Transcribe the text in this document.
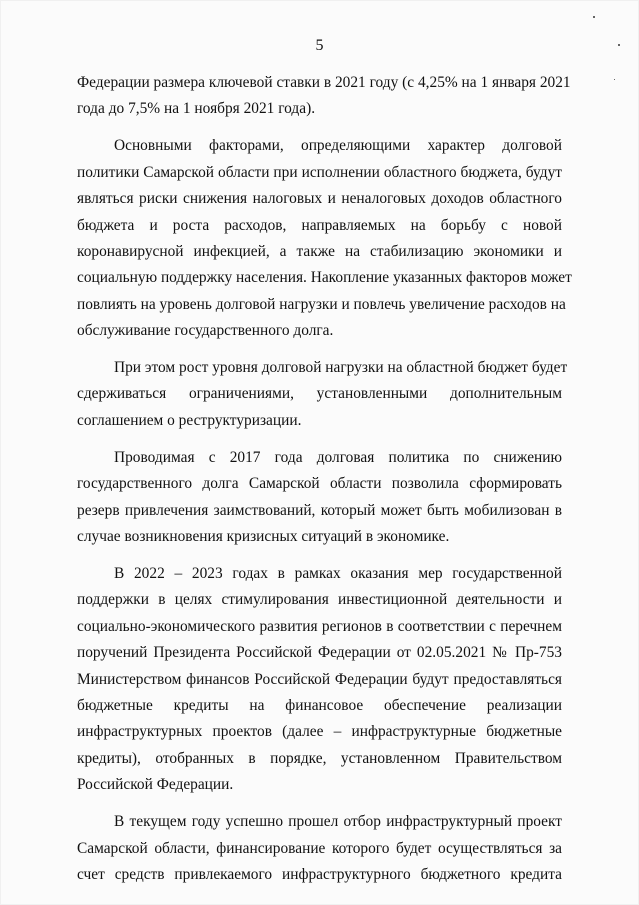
5
Федерации размера ключевой ставки в 2021 году (с 4,25% на 1 января 2021
года до 7,5% на 1 ноября 2021 года).
Основными факторами, определяющими характер долговой
политики Самарской области при исполнении областного бюджета, будут
являться риски снижения налоговых и неналоговых доходов областного
бюджета и роста расходов, направляемых на борьбу с новой
коронавирусной инфекцией, а также на стабилизацию экономики и
социальную поддержку населения. Накопление указанных факторов может
повлиять на уровень долговой нагрузки и повлечь увеличение расходов на
обслуживание государственного долга.
При этом рост уровня долговой нагрузки на областной бюджет будет
сдерживаться ограничениями, установленными дополнительным
соглашением о реструктуризации.
Проводимая с 2017 года долговая политика по снижению
государственного долга Самарской области позволила сформировать
резерв привлечения заимствований, который может быть мобилизован в
случае возникновения кризисных ситуаций в экономике.
В 2022 – 2023 годах в рамках оказания мер государственной
поддержки в целях стимулирования инвестиционной деятельности и
социально-экономического развития регионов в соответствии с перечнем
поручений Президента Российской Федерации от 02.05.2021 № Пр-753
Министерством финансов Российской Федерации будут предоставляться
бюджетные кредиты на финансовое обеспечение реализации
инфраструктурных проектов (далее – инфраструктурные бюджетные
кредиты), отобранных в порядке, установленном Правительством
Российской Федерации.
В текущем году успешно прошел отбор инфраструктурный проект
Самарской области, финансирование которого будет осуществляться за
счет средств привлекаемого инфраструктурного бюджетного кредита
